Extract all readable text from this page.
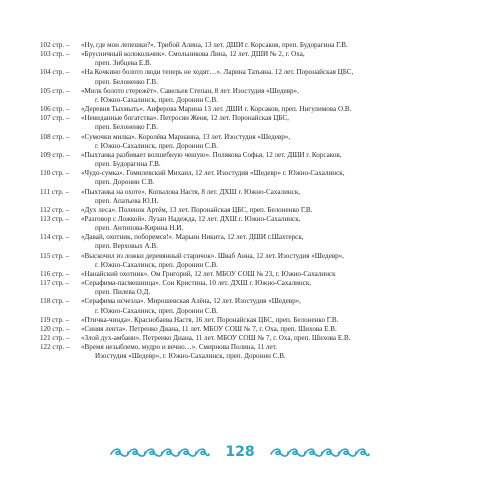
102 стр. – «Ну, где мои лепешки?». Трибой Алина, 13 лет. ДШИ г. Корсаков, преп. Будорагина Г.В.
103 стр. – «Брусничный колокольчик». Смольникова Лина, 12 лет. ДШИ № 2, г. Оха,
преп. Зибцева Е.В.
104 стр. – «На Кочкино болото люди теперь не ходят…». Ларина Татьяна. 12 лет. Поронайская ЦБС,
преп. Белоненко Г.В.
105 стр. – «Милк болото стережёт». Савельев Степан, 8 лет. Изостудия «Шедевр»,
г. Южно-Сахалинск, преп. Доронин С.В.
106 стр. – «Деревня Тыхмыть». Анферова Марина 13 лет. ДШИ г. Корсаков, преп. Нигулимова О.В.
107 стр. – «Невиданные богатства». Петросян Женя, 12 лет. Поронайская ЦБС,
преп. Белоненко Г.В.
108 стр. – «Сумочки милка». Королёва Марианна, 13 лет. Изостудия «Шедевр»,
г. Южно-Сахалинск, преп. Доронин С.В.
109 стр. – «Пыхтанка разбивает волшебную чешую». Полякова Софья, 12 лет. ДШИ г. Корсаков,
преп. Будорагина Г.В.
110 стр. – «Чудо-сумка». Гомилевский Михаил, 12 лет. Изостудия «Шедевр» г. Южно-Сахалинск,
преп. Доронин С.В.
111 стр. – «Пыхтанка на охоте». Копылова Настя, 8 лет. ДХШ г. Южно-Сахалинск,
преп. Апатьева Ю.Н.
112 стр. – «Дух леса». Поленок Артём, 13 лет. Поронайская ЦБС, преп. Белоненко Г.В.
113 стр. – «Разговор с Ложкой». Лузан Надежда, 12 лет. ДХШ г. Южно-Сахалинск,
преп. Антипова-Кирина Н.И.
114 стр. – «Давай, охотник, поборемся!». Марьин Никита, 12 лет. ДШИ г.Шахтерск,
преп. Верховых А.В.
115 стр. – «Выскочил из ложки деревянный старичок». Шваб Анна, 12 лет. Изостудия «Шедевр»,
г. Южно-Сахалинск, преп. Доронин С.В.
116 стр. – «Нанайский охотник». Ом Григорий, 12 лет. МБОУ СОШ № 23, г. Южно-Сахалинск
117 стр. – «Серафима-пасмешница». Сон Кристина, 10 лет. ДХШ г. Южно-Сахалинск,
преп. Пилева О.Д.
118 стр. – «Серафима исчезла». Мирошевская Алёна, 12 лет. Изостудия «Шедевр»,
г. Южно-Сахалинск, преп. Доронин С.В.
119 стр. – «Птичка-чинда». Краснобаева Настя, 16 лет. Поронайская ЦБС, преп. Белоненко Г.В.
120 стр. – «Синяя лента». Петренко Диана, 11 лет. МБОУ СОШ № 7, г. Оха, преп. Шихова Е.В.
121 стр. – «Злой дух-амбани». Петренко Диана, 11 лет. МБОУ СОШ № 7, г. Оха, преп. Шихова Е.В.
122 стр. – «Время незыблемо, мудро и вечно…». Смирнова Полина, 11 лет.
Изостудия «Шедевр», г. Южно-Сахалинск, преп. Доронин С.В.
128
